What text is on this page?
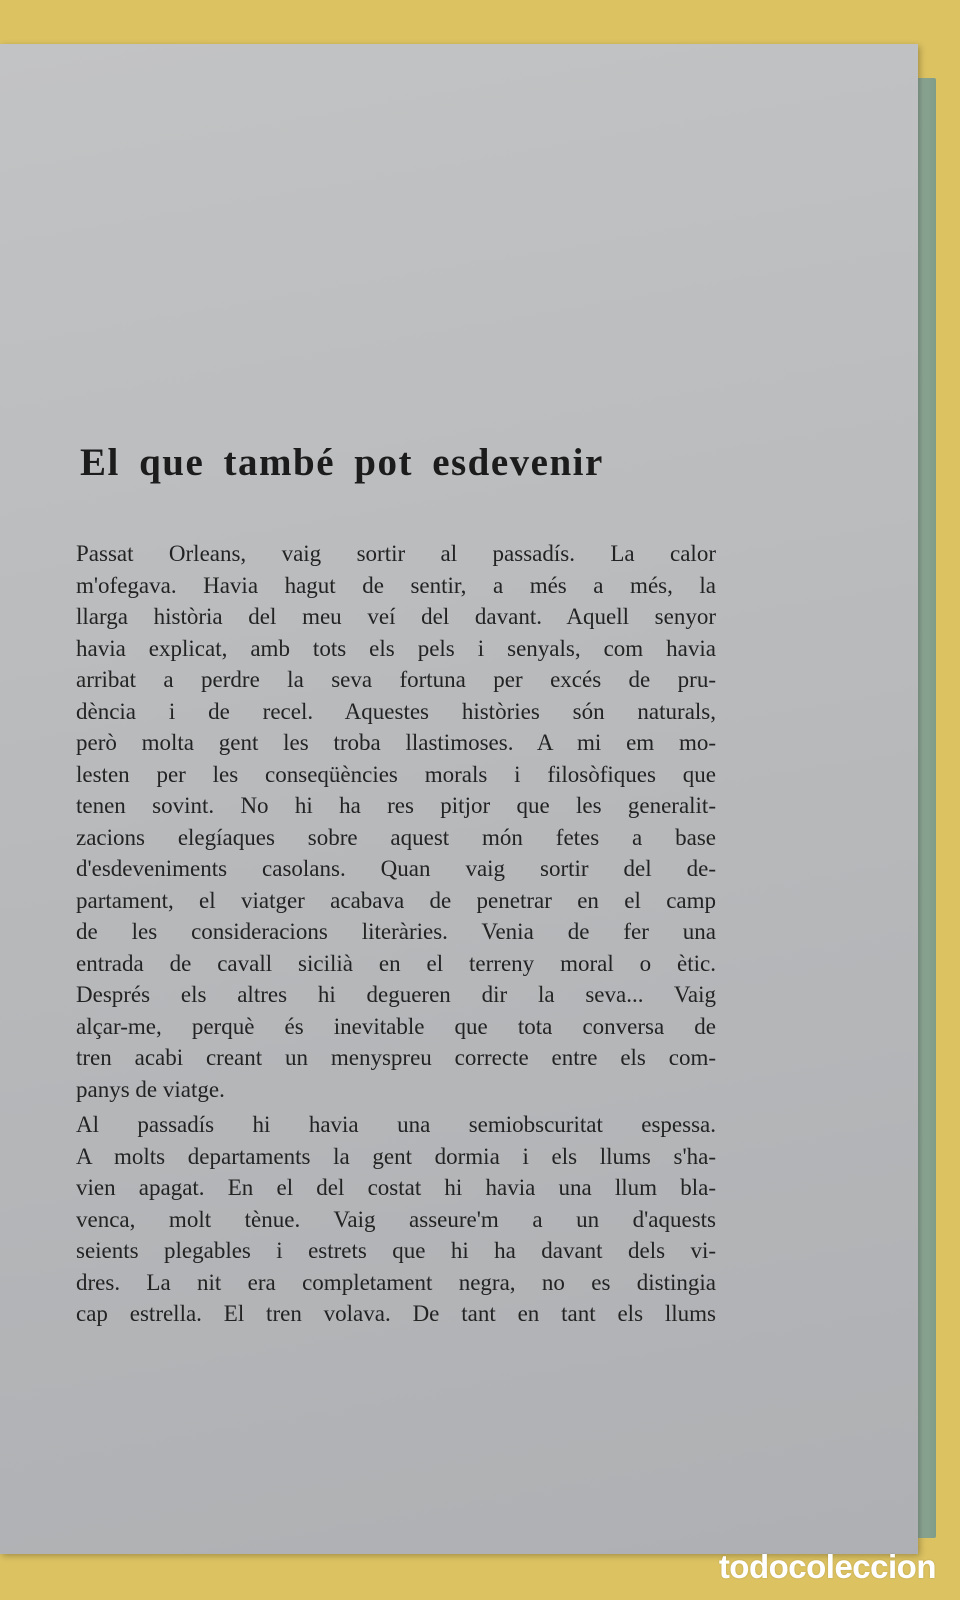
El que també pot esdevenir
Passat Orleans, vaig sortir al passadís. La calor
m'ofegava. Havia hagut de sentir, a més a més, la
llarga història del meu veí del davant. Aquell senyor
havia explicat, amb tots els pels i senyals, com havia
arribat a perdre la seva fortuna per excés de pru-
dència i de recel. Aquestes històries són naturals,
però molta gent les troba llastimoses. A mi em mo-
lesten per les conseqüències morals i filosòfiques que
tenen sovint. No hi ha res pitjor que les generalit-
zacions elegíaques sobre aquest món fetes a base
d'esdeveniments casolans. Quan vaig sortir del de-
partament, el viatger acabava de penetrar en el camp
de les consideracions literàries. Venia de fer una
entrada de cavall sicilià en el terreny moral o ètic.
Després els altres hi degueren dir la seva... Vaig
alçar-me, perquè és inevitable que tota conversa de
tren acabi creant un menyspreu correcte entre els com-
panys de viatge.
Al passadís hi havia una semiobscuritat espessa.
A molts departaments la gent dormia i els llums s'ha-
vien apagat. En el del costat hi havia una llum bla-
venca, molt tènue. Vaig asseure'm a un d'aquests
seients plegables i estrets que hi ha davant dels vi-
dres. La nit era completament negra, no es distingia
cap estrella. El tren volava. De tant en tant els llums
todocoleccion
